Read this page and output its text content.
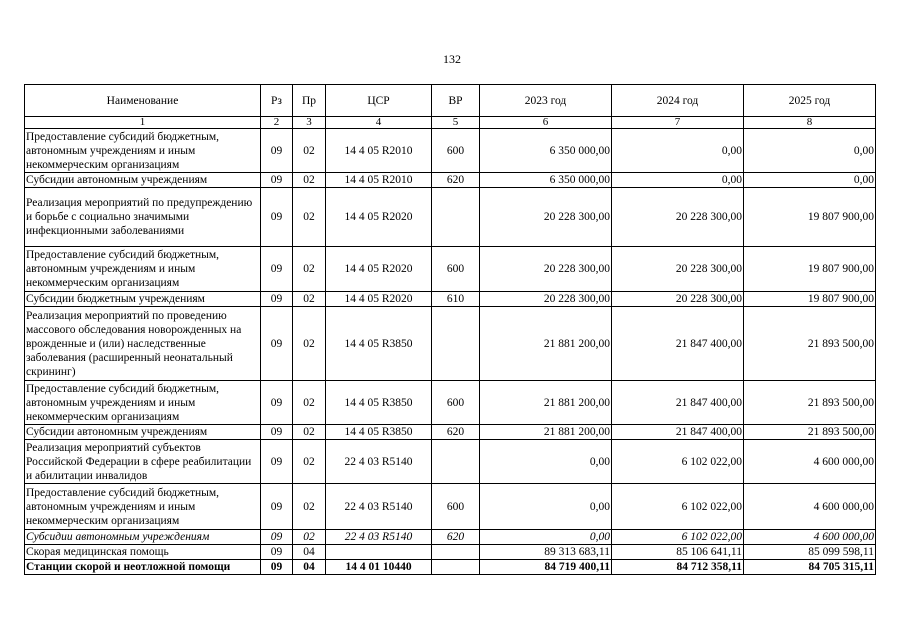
132
Наименование	Рз	Пр	ЦСР	ВР	2023 год	2024 год	2025 год
1	2	3	4	5	6	7	8
Предоставление субсидий бюджетным, автономным учреждениям и иным некоммерческим организациям	09	02	14 4 05 R2010	600	6 350 000,00	0,00	0,00
Субсидии автономным учреждениям	09	02	14 4 05 R2010	620	6 350 000,00	0,00	0,00
Реализация мероприятий по предупреждению и борьбе с социально значимыми инфекционными заболеваниями	09	02	14 4 05 R2020		20 228 300,00	20 228 300,00	19 807 900,00
Предоставление субсидий бюджетным, автономным учреждениям и иным некоммерческим организациям	09	02	14 4 05 R2020	600	20 228 300,00	20 228 300,00	19 807 900,00
Субсидии бюджетным учреждениям	09	02	14 4 05 R2020	610	20 228 300,00	20 228 300,00	19 807 900,00
Реализация мероприятий по проведению массового обследования новорожденных на врожденные и (или) наследственные заболевания (расширенный неонатальный скрининг)	09	02	14 4 05 R3850		21 881 200,00	21 847 400,00	21 893 500,00
Предоставление субсидий бюджетным, автономным учреждениям и иным некоммерческим организациям	09	02	14 4 05 R3850	600	21 881 200,00	21 847 400,00	21 893 500,00
Субсидии автономным учреждениям	09	02	14 4 05 R3850	620	21 881 200,00	21 847 400,00	21 893 500,00
Реализация мероприятий субъектов Российской Федерации в сфере реабилитации и абилитации инвалидов	09	02	22 4 03 R5140		0,00	6 102 022,00	4 600 000,00
Предоставление субсидий бюджетным, автономным учреждениям и иным некоммерческим организациям	09	02	22 4 03 R5140	600	0,00	6 102 022,00	4 600 000,00
Субсидии автономным учреждениям	09	02	22 4 03 R5140	620	0,00	6 102 022,00	4 600 000,00
Скорая медицинская помощь	09	04			89 313 683,11	85 106 641,11	85 099 598,11
Станции скорой и неотложной помощи	09	04	14 4 01 10440		84 719 400,11	84 712 358,11	84 705 315,11
